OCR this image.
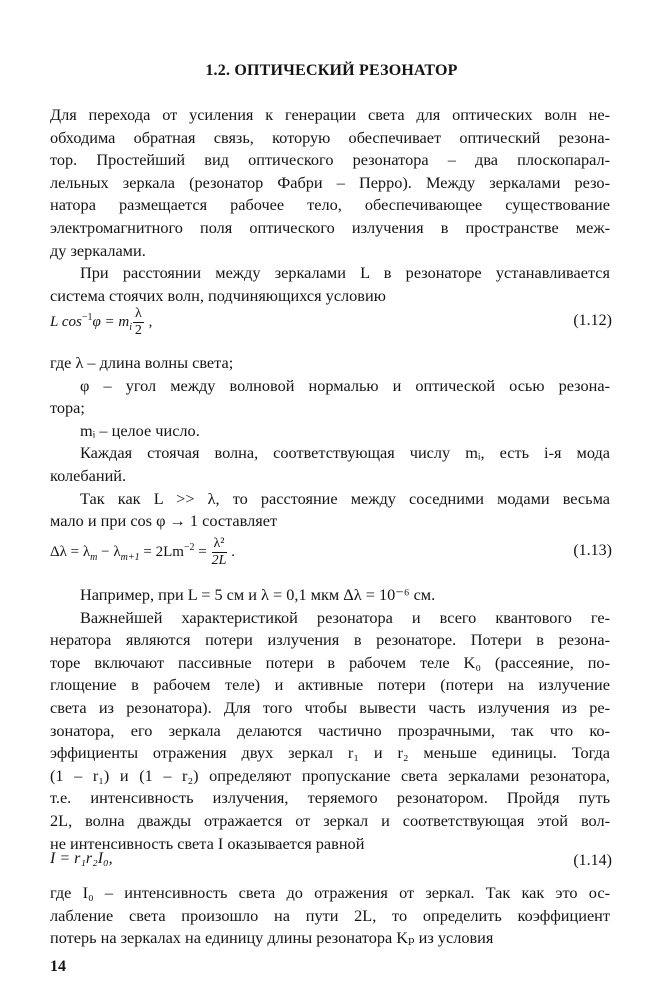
1.2. ОПТИЧЕСКИЙ РЕЗОНАТОР
Для перехода от усиления к генерации света для оптических волн не-
обходима обратная связь, которую обеспечивает оптический резона-
тор. Простейший вид оптического резонатора – два плоскопарал-
лельных зеркала (резонатор Фабри – Перро). Между зеркалами резо-
натора размещается рабочее тело, обеспечивающее существование
электромагнитного поля оптического излучения в пространстве меж-
ду зеркалами.
При расстоянии между зеркалами L в резонаторе устанавливается
система стоячих волн, подчиняющихся условию
L $\cos^{-1}\varphi = m_i \frac{\lambda}{2}$ ,	(1.12)
где λ – длина волны света;
φ – угол между волновой нормалью и оптической осью резона-
тора;
mᵢ – целое число.
Каждая стоячая волна, соответствующая числу mᵢ, есть i-я мода
колебаний.
Так как L >> λ, то расстояние между соседними модами весьма
мало и при cos φ → 1 составляет
$\Delta\lambda = \lambda_m - \lambda_{m+1} = 2Lm^{-2} = \frac{\text{λ²}}{2L}$ .	(1.13)
Например, при L = 5 см и λ = 0,1 мкм Δλ = 10⁻⁶ см.
Важнейшей характеристикой резонатора и всего квантового ге-
нератора являются потери излучения в резонаторе. Потери в резона-
торе включают пассивные потери в рабочем теле K₀ (рассеяние, по-
глощение в рабочем теле) и активные потери (потери на излучение
света из резонатора). Для того чтобы вывести часть излучения из ре-
зонатора, его зеркала делаются частично прозрачными, так что ко-
эффициенты отражения двух зеркал r₁ и r₂ меньше единицы. Тогда
(1 – r₁) и (1 – r₂) определяют пропускание света зеркалами резонатора,
т.е. интенсивность излучения, теряемого резонатором. Пройдя путь
2L, волна дважды отражается от зеркал и соответствующая этой вол-
не интенсивность света I оказывается равной
I = r₁r₂I₀,	(1.14)
где I₀ – интенсивность света до отражения от зеркал. Так как это ос-
лабление света произошло на пути 2L, то определить коэффициент
потерь на зеркалах на единицу длины резонатора Kₚ из условия
14
